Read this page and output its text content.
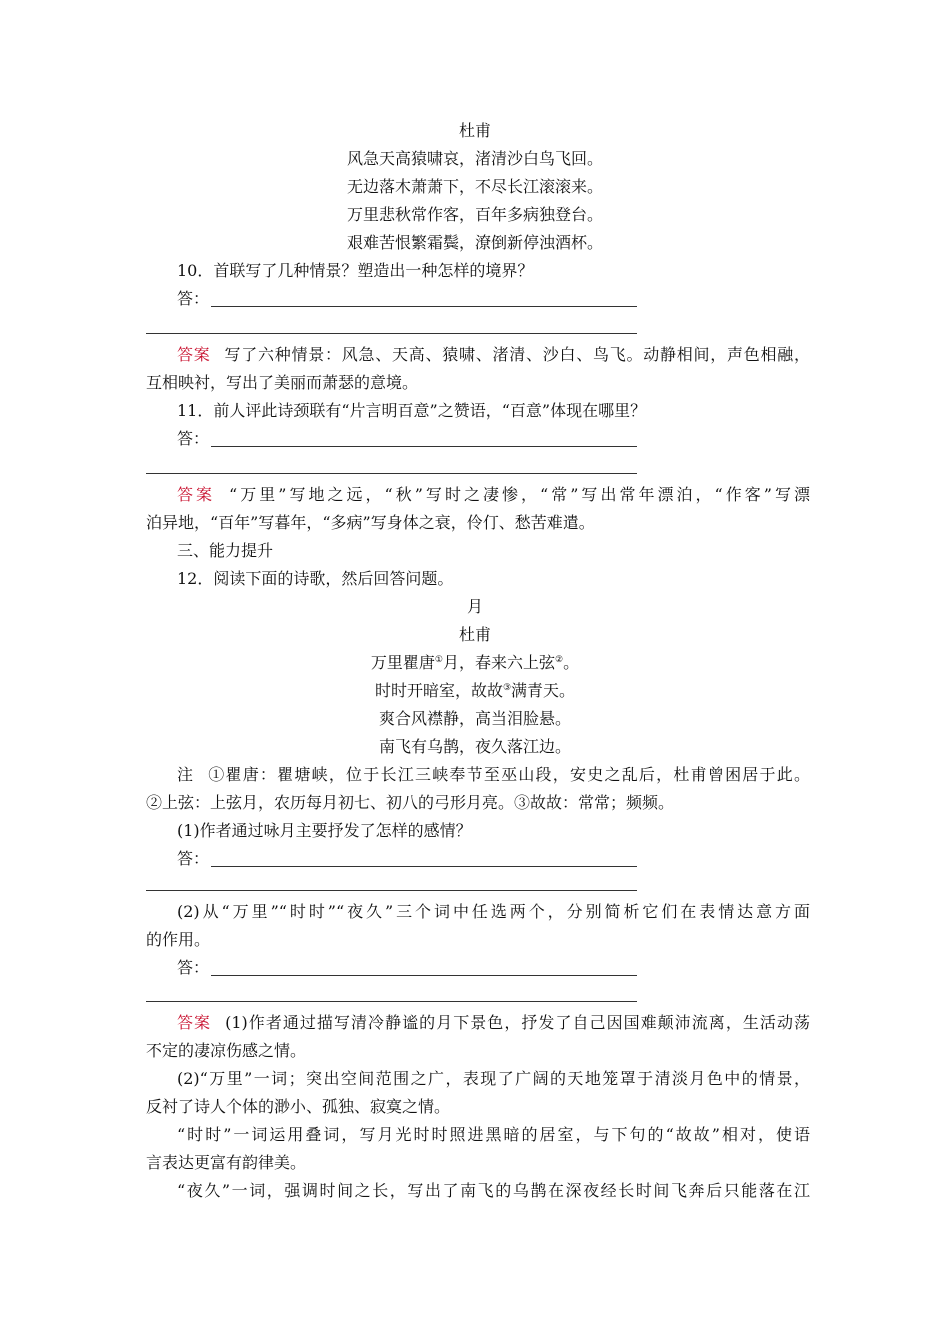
杜甫
风急天高猿啸哀，渚清沙白鸟飞回。
无边落木萧萧下，不尽长江滚滚来。
万里悲秋常作客，百年多病独登台。
艰难苦恨繁霜鬓，潦倒新停浊酒杯。
10．首联写了几种情景？塑造出一种怎样的境界？
答：
答案 写了六种情景：风急、天高、猿啸、渚清、沙白、鸟飞。动静相间，声色相融，
互相映衬，写出了美丽而萧瑟的意境。
11．前人评此诗颈联有“片言明百意”之赞语，“百意”体现在哪里？
答：
答案 “万里”写地之远，“秋”写时之凄惨，“常”写出常年漂泊，“作客”写漂
泊异地，“百年”写暮年，“多病”写身体之衰，伶仃、愁苦难遣。
三、能力提升
12．阅读下面的诗歌，然后回答问题。
月
杜甫
万里瞿唐①月，春来六上弦②。
时时开暗室，故故③满青天。
爽合风襟静，高当泪脸悬。
南飞有乌鹊，夜久落江边。
注 ①瞿唐：瞿塘峡，位于长江三峡奉节至巫山段，安史之乱后，杜甫曾困居于此。
②上弦：上弦月，农历每月初七、初八的弓形月亮。③故故：常常；频频。
(1)作者通过咏月主要抒发了怎样的感情？
答：
(2)从“万里”“时时”“夜久”三个词中任选两个，分别简析它们在表情达意方面
的作用。
答：
答案 (1)作者通过描写清冷静谧的月下景色，抒发了自己因国难颠沛流离，生活动荡
不定的凄凉伤感之情。
(2)“万里”一词；突出空间范围之广，表现了广阔的天地笼罩于清淡月色中的情景，
反衬了诗人个体的渺小、孤独、寂寞之情。
“时时”一词运用叠词，写月光时时照进黑暗的居室，与下句的“故故”相对，使语
言表达更富有韵律美。
“夜久”一词，强调时间之长，写出了南飞的乌鹊在深夜经长时间飞奔后只能落在江
